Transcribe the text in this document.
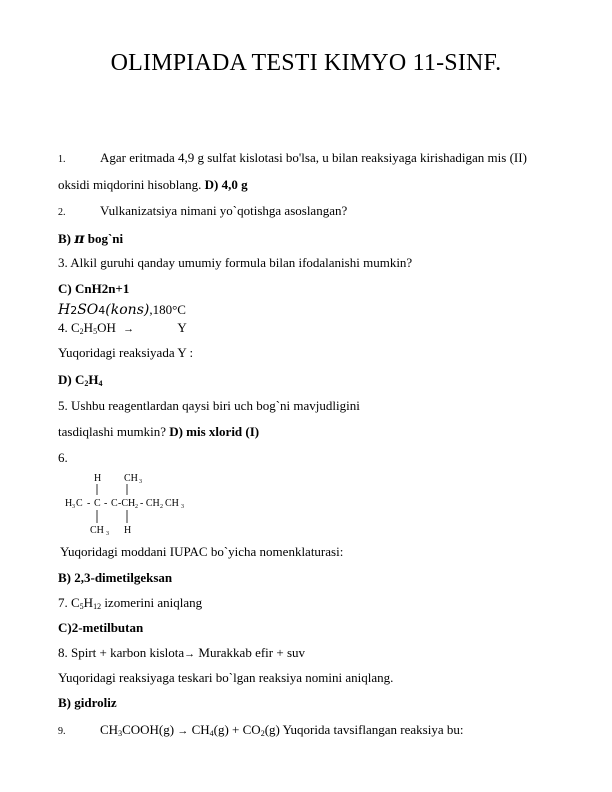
OLIMPIADA TESTI KIMYO 11-SINF.
1.	Agar eritmada 4,9 g sulfat kislotasi bo'lsa, u bilan reaksiyaga kirishadigan mis (II)
oksidi miqdorini hisoblang. D) 4,0 g
2.	Vulkanizatsiya nimani yo`qotishga asoslangan?
B) π bog`ni
3. Alkil guruhi qanday umumiy formula bilan ifodalanishi mumkin?
C) CnH2n+1
H2SO4(kons),180°C
4. $C_2H_5OH$ →	Y
Yuqoridagi reaksiyada Y :
D) $C_2H_4$
5. Ushbu reagentlardan qaysi biri uch bog`ni mavjudligini
tasdiqlashi mumkin? D) mis xlorid (I)
6.
H CH 3
H 3 C - C - C -CH 2 - CH 2 CH 3
CH 3 H
Yuqoridagi moddani IUPAC bo`yicha nomenklaturasi:
B) 2,3-dimetilgeksan
7. $C_5H_{12}$ izomerini aniqlang
C)2-metilbutan
8. Spirt + karbon kislota→ Murakkab efir + suv
Yuqoridagi reaksiyaga teskari bo`lgan reaksiya nomini aniqlang.
B) gidroliz
9.	$CH_3COOH(g) \to CH_4(g) + CO_2(g)$ Yuqorida tavsiflangan reaksiya bu:
